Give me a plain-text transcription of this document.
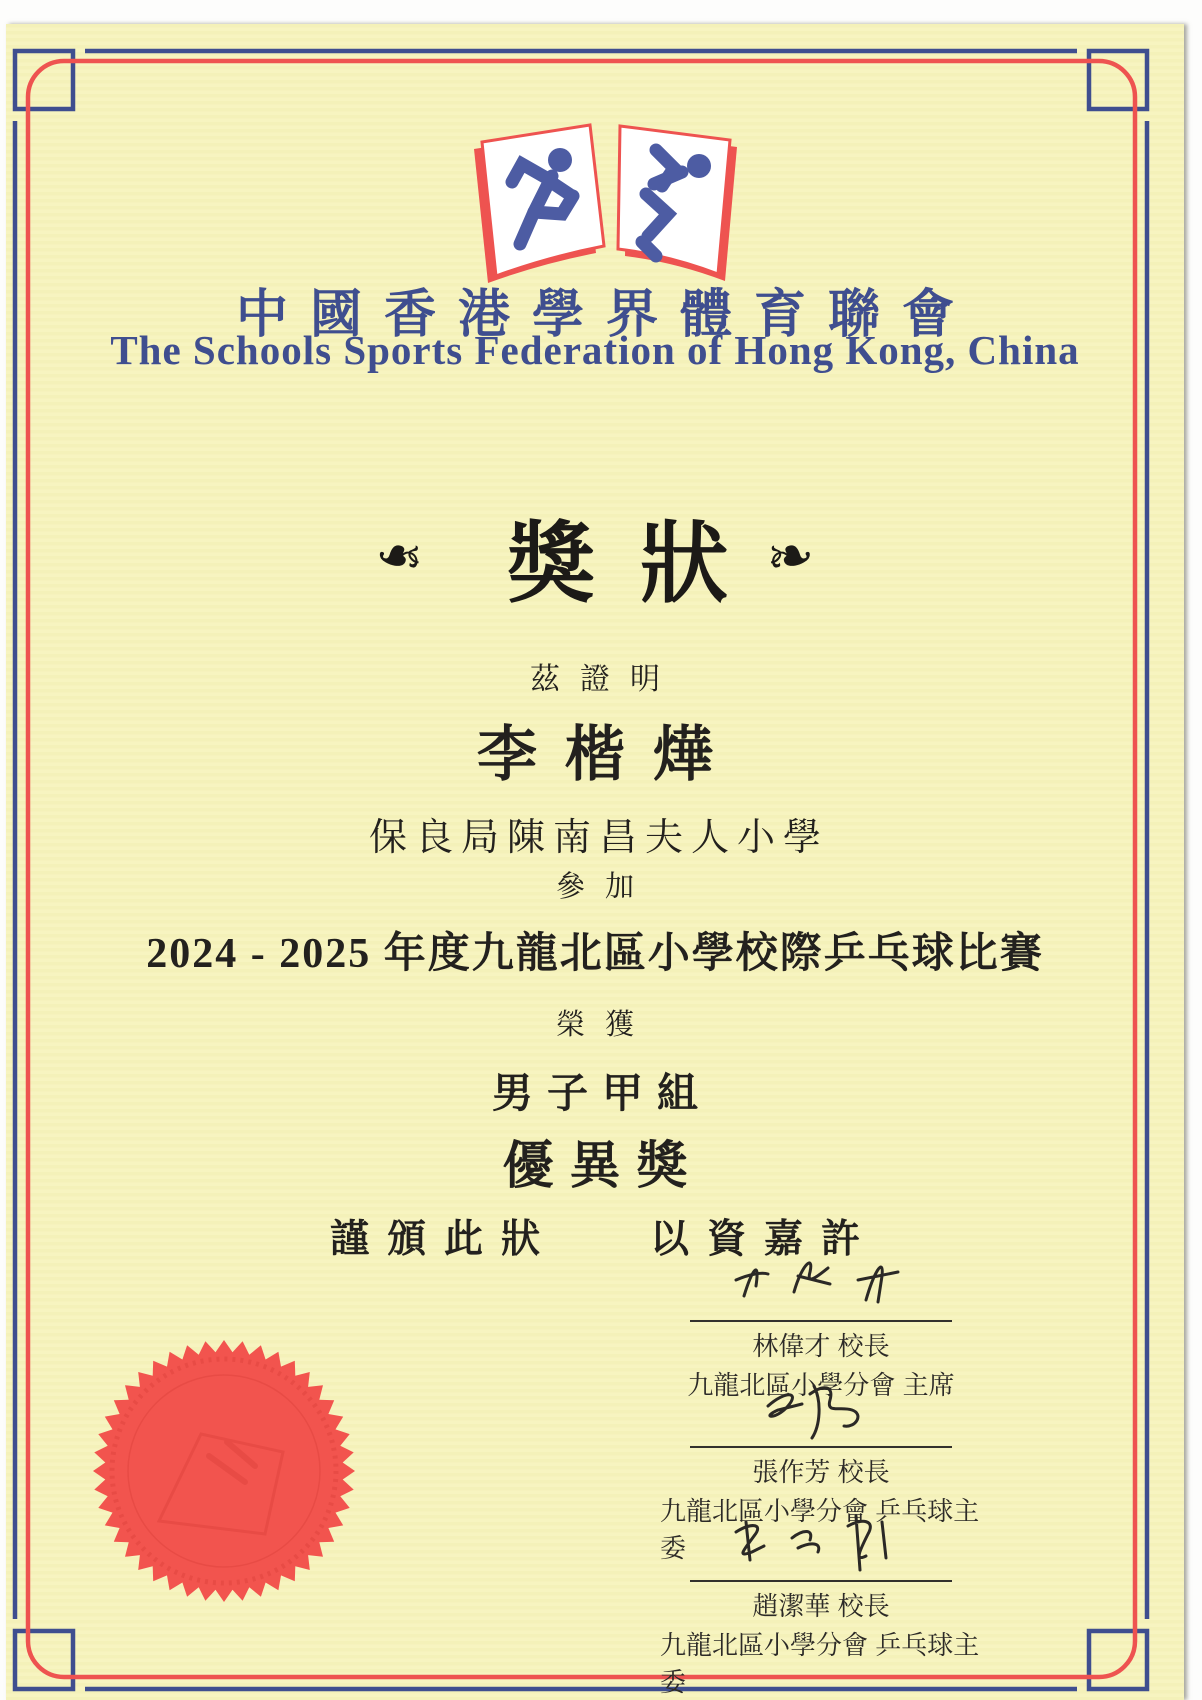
中國香港學界體育聯會
The Schools Sports Federation of Hong Kong, China
❧ 獎狀
❧
茲證明
李楷燁
保良局陳南昌夫人小學
參加
2024 - 2025 年度九龍北區小學校際乒乓球比賽
榮獲
男子甲組
優異獎
謹頒此狀	以資嘉許
林偉才 校長
九龍北區小學分會 主席
張作芳 校長
九龍北區小學分會 乒乓球主委
趙潔華 校長
九龍北區小學分會 乒乓球主委
